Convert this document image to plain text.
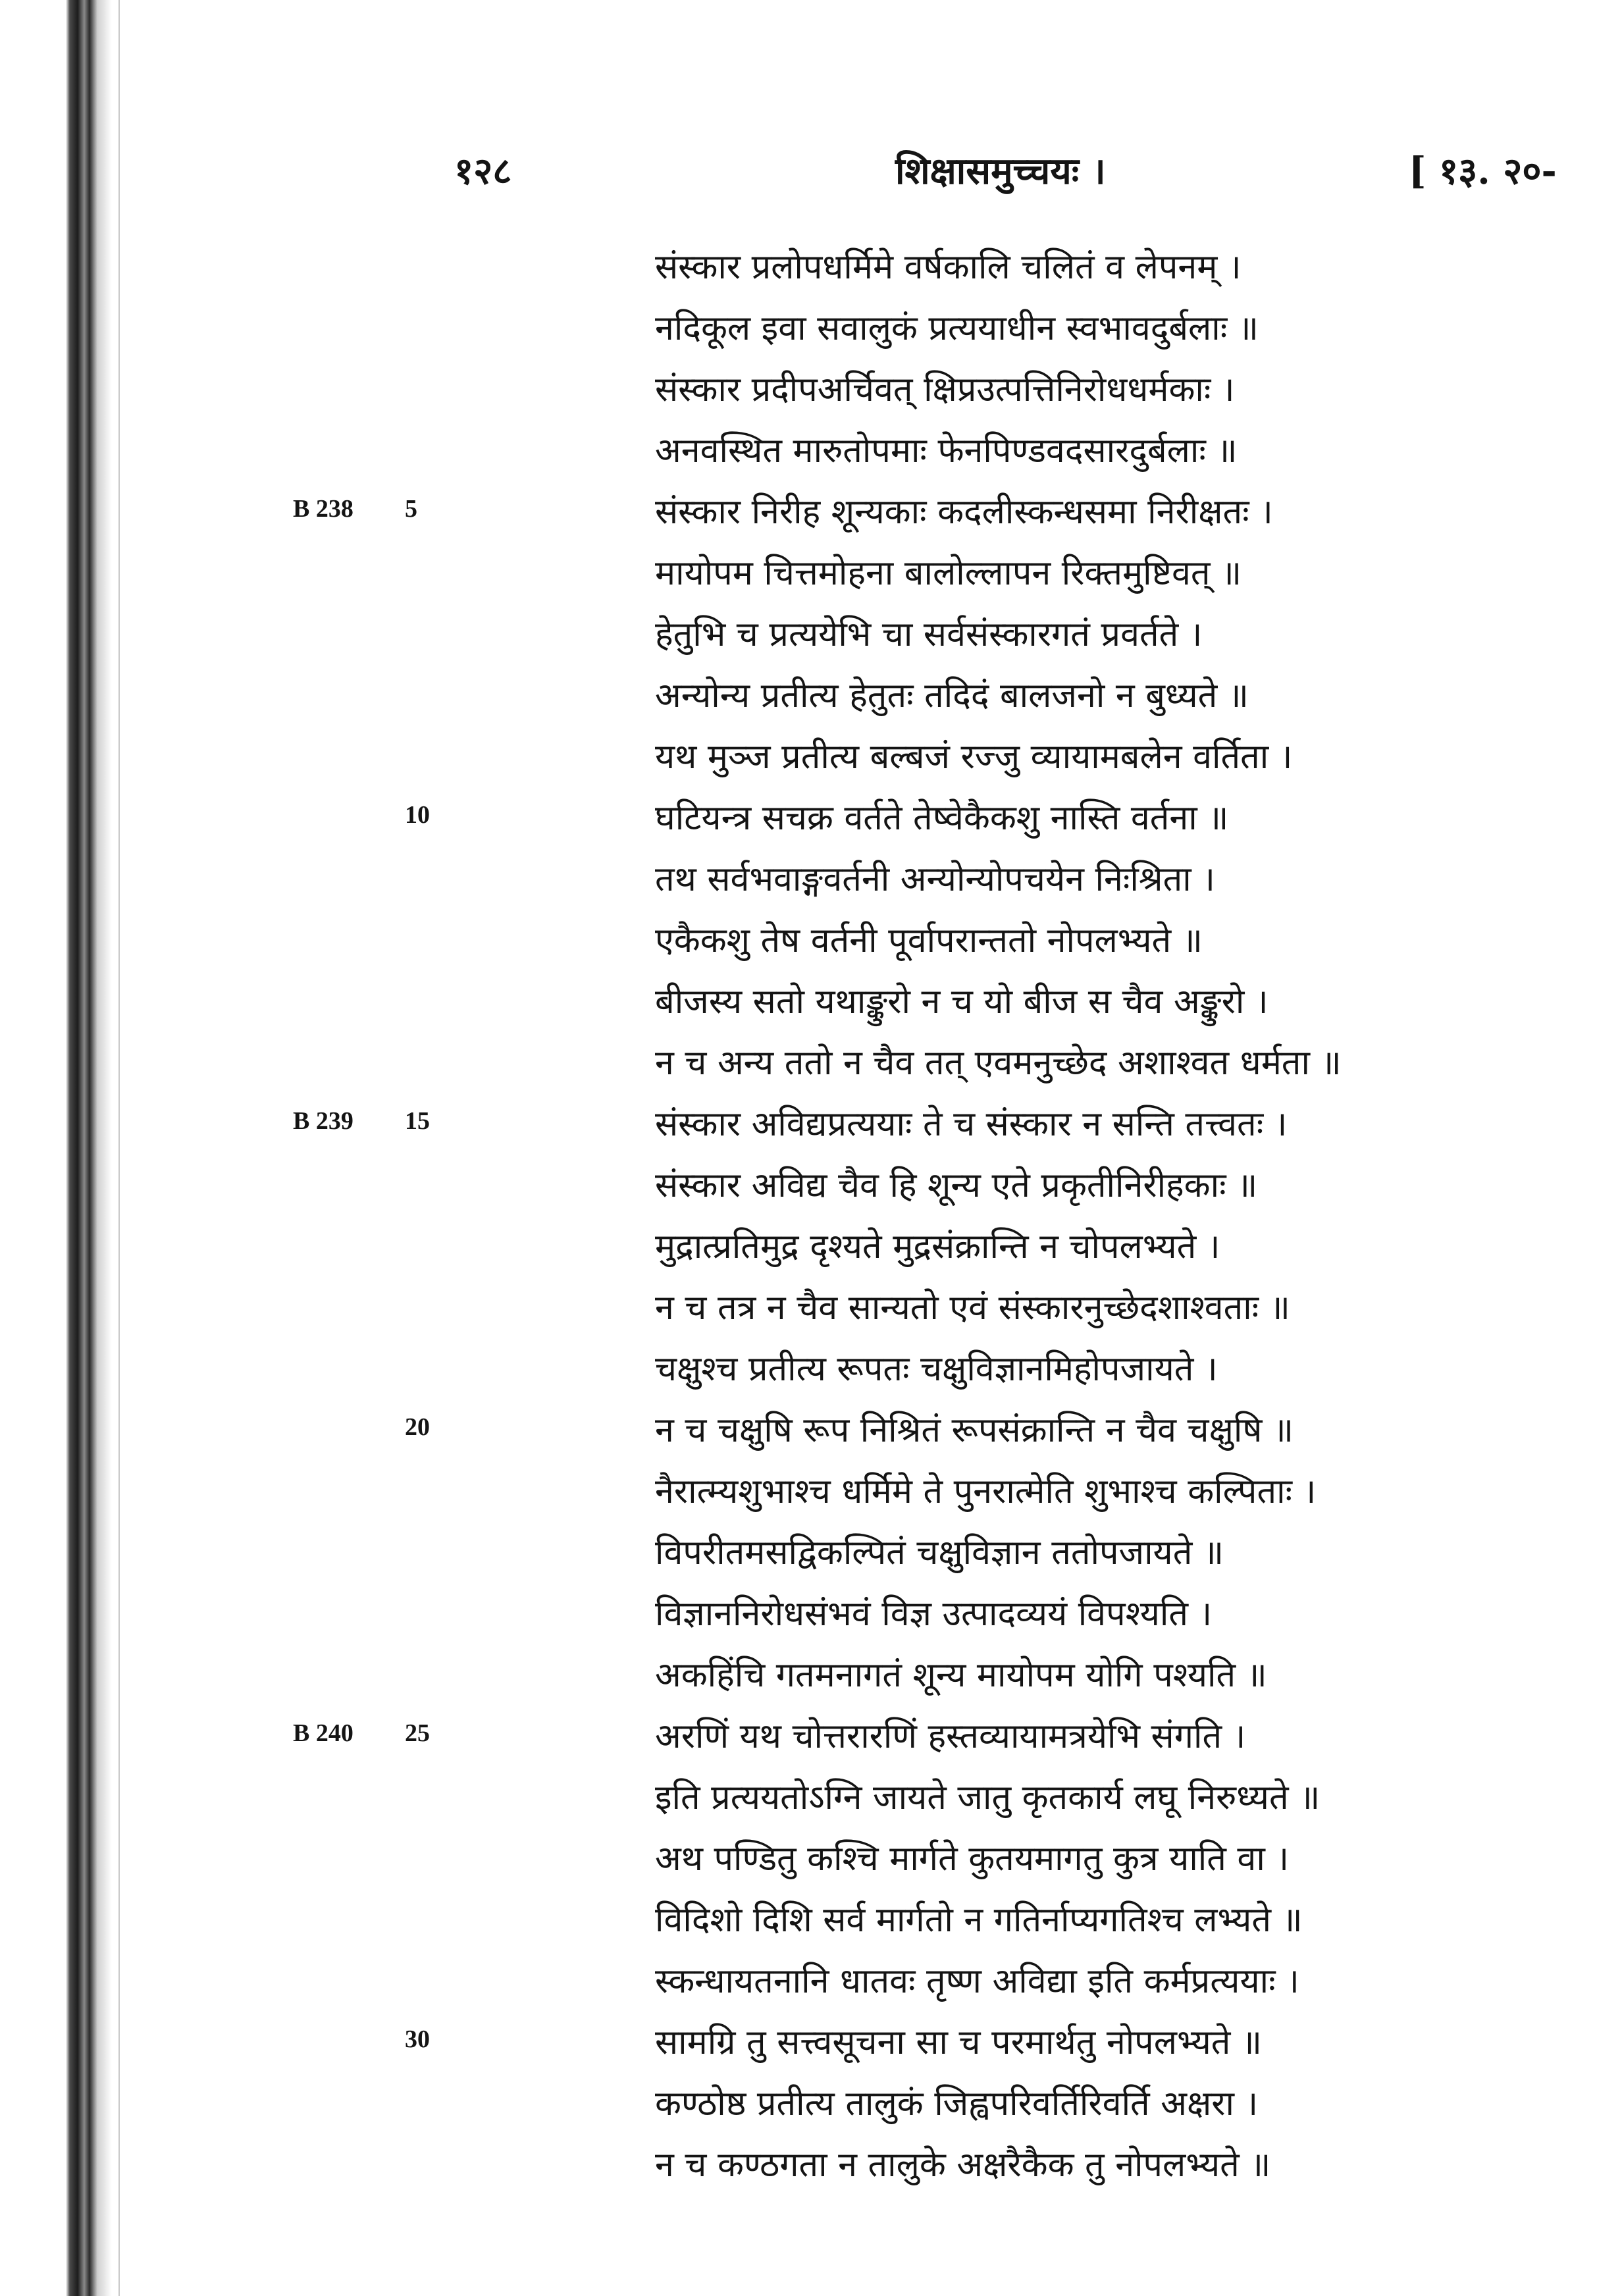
१२८	शिक्षासमुच्चयः ।	[ १३. २०-
B 238
B 239
B 240
5
10
15
20
25
30
संस्कार प्रलोपधर्मिमे वर्षकालि चलितं व लेपनम् ।
नदिकूल इवा सवालुकं प्रत्ययाधीन स्वभावदुर्बलाः ॥
संस्कार प्रदीपअर्चिवत् क्षिप्रउत्पत्तिनिरोधधर्मकाः ।
अनवस्थित मारुतोपमाः फेनपिण्डवदसारदुर्बलाः ॥
संस्कार निरीह शून्यकाः कदलीस्कन्धसमा निरीक्षतः ।
मायोपम चित्तमोहना बालोल्लापन रिक्तमुष्टिवत् ॥
हेतुभि च प्रत्ययेभि चा सर्वसंस्कारगतं प्रवर्तते ।
अन्योन्य प्रतीत्य हेतुतः तदिदं बालजनो न बुध्यते ॥
यथ मुञ्ज प्रतीत्य बल्बजं रज्जु व्यायामबलेन वर्तिता ।
घटियन्त्र सचक्र वर्तते तेष्वेकैकशु नास्ति वर्तना ॥
तथ सर्वभवाङ्गवर्तनी अन्योन्योपचयेन निःश्रिता ।
एकैकशु तेष वर्तनी पूर्वापरान्ततो नोपलभ्यते ॥
बीजस्य सतो यथाङ्कुरो न च यो बीज स चैव अङ्कुरो ।
न च अन्य ततो न चैव तत् एवमनुच्छेद अशाश्वत धर्मता ॥
संस्कार अविद्यप्रत्ययाः ते च संस्कार न सन्ति तत्त्वतः ।
संस्कार अविद्य चैव हि शून्य एते प्रकृतीनिरीहकाः ॥
मुद्रात्प्रतिमुद्र दृश्यते मुद्रसंक्रान्ति न चोपलभ्यते ।
न च तत्र न चैव सान्यतो एवं संस्कारनुच्छेदशाश्वताः ॥
चक्षुश्च प्रतीत्य रूपतः चक्षुविज्ञानमिहोपजायते ।
न च चक्षुषि रूप निश्रितं रूपसंक्रान्ति न चैव चक्षुषि ॥
नैरात्म्यशुभाश्च धर्मिमे ते पुनरात्मेति शुभाश्च कल्पिताः ।
विपरीतमसद्विकल्पितं चक्षुविज्ञान ततोपजायते ॥
विज्ञाननिरोधसंभवं विज्ञ उत्पादव्ययं विपश्यति ।
अकहिंचि गतमनागतं शून्य मायोपम योगि पश्यति ॥
अरणिं यथ चोत्तरारणिं हस्तव्यायामत्रयेभि संगति ।
इति प्रत्ययतोऽग्नि जायते जातु कृतकार्य लघू निरुध्यते ॥
अथ पण्डितु कश्चि मार्गते कुतयमागतु कुत्र याति वा ।
विदिशो दिशि सर्व मार्गतो न गतिर्नाप्यगतिश्च लभ्यते ॥
स्कन्धायतनानि धातवः तृष्ण अविद्या इति कर्मप्रत्ययाः ।
सामग्रि तु सत्त्वसूचना सा च परमार्थतु नोपलभ्यते ॥
कण्ठोष्ठ प्रतीत्य तालुकं जिह्वपरिवर्तिरिवर्ति अक्षरा ।
न च कण्ठगता न तालुके अक्षरैकैक तु नोपलभ्यते ॥
